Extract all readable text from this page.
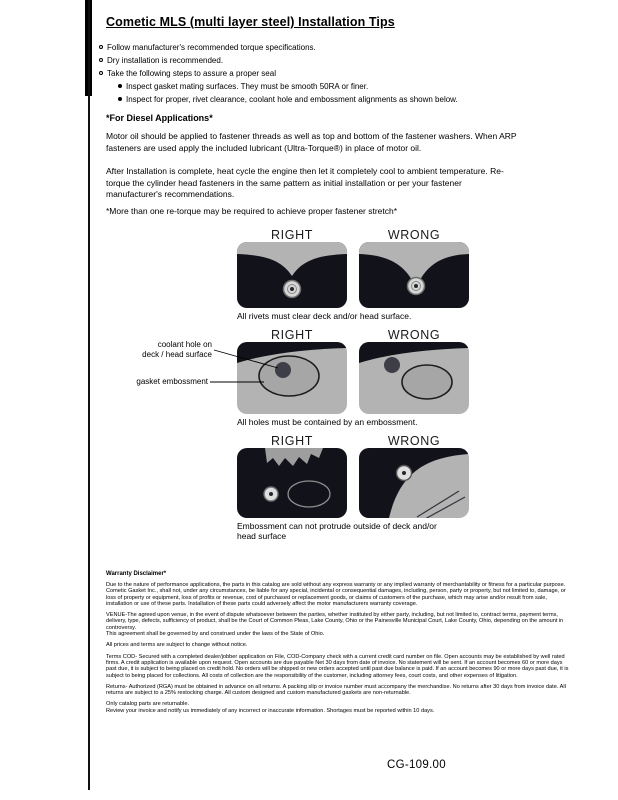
Cometic MLS (multi layer steel) Installation Tips
Follow manufacturer's recommended torque specifications.
Dry installation is recommended.
Take the following steps to assure a proper seal
Inspect gasket mating surfaces. They must be smooth 50RA or finer.
Inspect for proper, rivet clearance, coolant hole and embossment alignments as shown below.
*For Diesel Applications*
Motor oil should be applied to fastener threads as well as top and bottom of the fastener washers. When ARP fasteners are used apply the included lubricant (Ultra-Torque®) in place of motor oil.
After Installation is complete, heat cycle the engine then let it completely cool to ambient temperature. Re-torque the cylinder head fasteners in the same pattern as initial installation or per your fastener manufacturer's recommendations.
*More than one re-torque may be required to achieve proper fastener stretch*
RIGHT	WRONG
All rivets must clear deck and/or head surface.
RIGHT	WRONG
All holes must be contained by an embossment.
RIGHT	WRONG
Embossment can not protrude outside of deck and/or head surface
coolant hole on
deck / head surface
gasket embossment
Warranty Disclaimer*

Due to the nature of performance applications, the parts in this catalog are sold without any express warranty or any implied warranty of merchantability or fitness for a particular purpose. Cometic Gasket Inc., shall not, under any circumstances, be liable for any special, incidental or consequential damages, including, person, party or property, but not limited to, damage, or loss of property or equipment, loss of profits or revenue, cost of purchased or replacement goods, or claims of customers of the purchase, which may arise and/or result from sale, installation or use of these parts. Installation of these parts could adversely affect the motor manufacturers warranty coverage.

VENUE-The agreed upon venue, in the event of dispute whatsoever between the parties, whether instituted by either party, including, but not limited to, contract terms, payment terms, delivery, type, defects, sufficiency of product, shall be the Court of Common Pleas, Lake County, Ohio or the Painesville Municipal Court, Lake County, Ohio, depending on the amount in controversy.

This agreement shall be governed by and construed under the laws of the State of Ohio.

All prices and terms are subject to change without notice.

Terms COD- Secured with a completed dealer/jobber application on File, COD-Company check with a current credit card number on file. Open accounts may be established by well rated firms. A credit application is available upon request. Open accounts are due payable Net 30 days from date of invoice. No statement will be sent. If an account becomes 60 or more days past due, it is subject to being placed on credit hold. No orders will be shipped or new orders accepted until past due balance is paid. If an account becomes 90 or more days past due, it is subject to being placed for collections. All costs of collection are the responsibility of the customer, including attorney fees, court costs, and other expenses of litigation.

Returns- Authorized (RGA) must be obtained in advance on all returns. A packing slip or invoice number must accompany the merchandise. No returns after 30 days from invoice date. All returns are subject to a 25% restocking charge. All custom designed and custom manufactured gaskets are non-returnable.

Only catalog parts are returnable.

Review your invoice and notify us immediately of any incorrect or inaccurate information. Shortages must be reported within 10 days.

CG-109.00
